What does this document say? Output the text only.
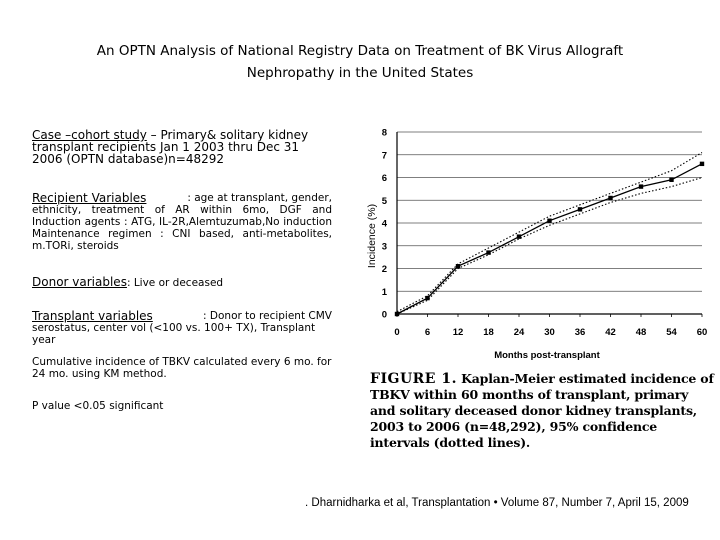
An OPTN Analysis of National Registry Data on Treatment of BK Virus Allograft
Nephropathy in the United States
Case –cohort study – Primary& solitary kidney transplant recipients Jan 1 2003 thru Dec 31 2006 (OPTN database)n=48292
Recipient Variables	: age at transplant, gender,
ethnicity, treatment of AR within 6mo, DGF and Induction agents : ATG, IL-2R,Alemtuzumab,No induction Maintenance regimen : CNI based, anti-metabolites, m.TORi, steroids
Donor variables: Live or deceased
Transplant variables	: Donor to recipient CMV
serostatus, center vol (<100 vs. 100+ TX), Transplant year
Cumulative incidence of TBKV calculated every 6 mo. for 24 mo. using KM method.
P value <0.05 significant
Incidence (%)
0
1
2
3
4
5
6
7
8
0	6 12 18 24 30 36 42 48 54 60
Months post-transplant
FIGURE 1. Kaplan-Meier estimated incidence of TBKV within 60 months of transplant, primary and solitary deceased donor kidney transplants, 2003 to 2006 (n=48,292), 95% confidence intervals (dotted lines).
. Dharnidharka et al, Transplantation • Volume 87, Number 7, April 15, 2009
